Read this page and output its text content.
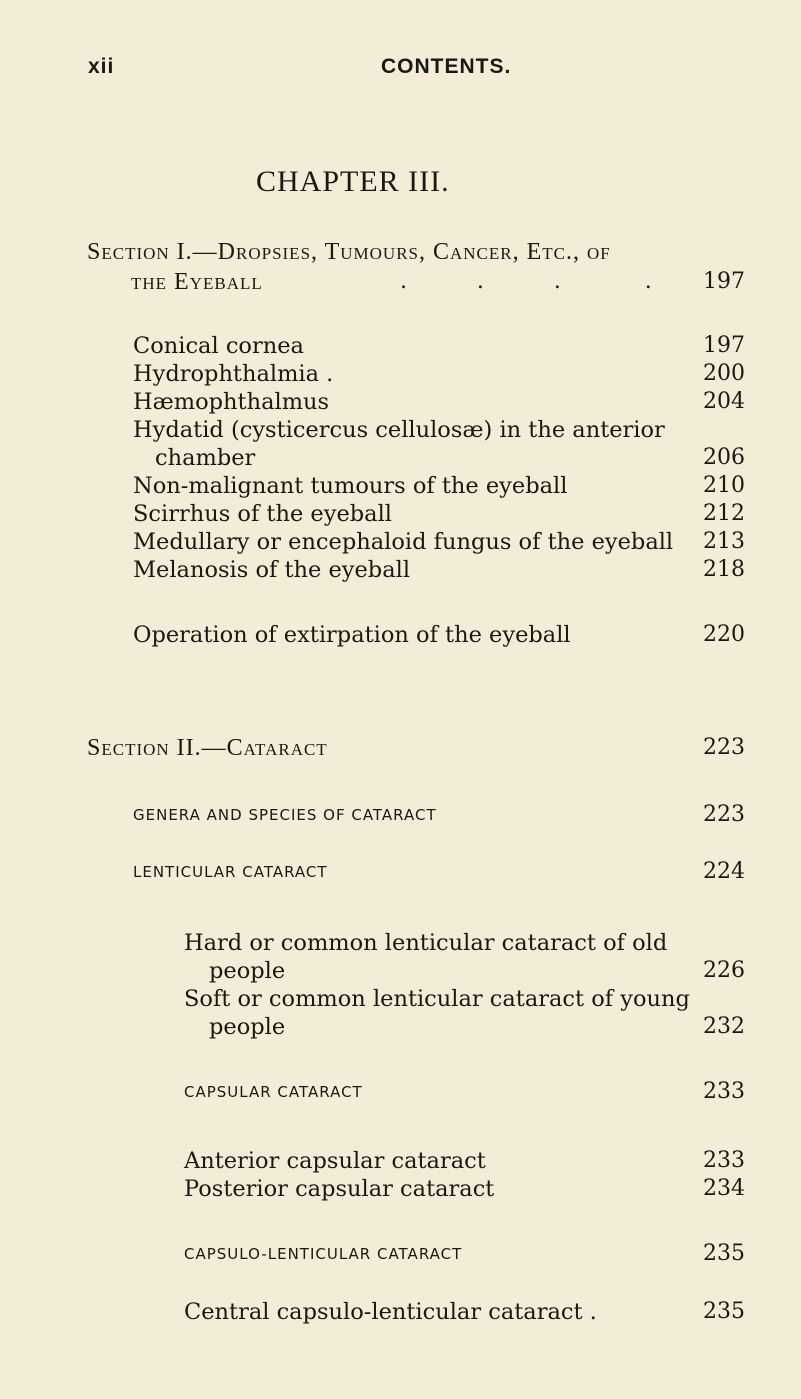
xii	CONTENTS.
CHAPTER III.
Section I.—Dropsies, Tumours, Cancer, Etc., of
the Eyeball	.          .          .            . 197
Conical cornea	197
Hydrophthalmia .	200
Hæmophthalmus	204
Hydatid (cysticercus cellulosæ) in the anterior
chamber	206
Non-malignant tumours of the eyeball	210
Scirrhus of the eyeball	212
Medullary or encephaloid fungus of the eyeball 213
Melanosis of the eyeball	218
Operation of extirpation of the eyeball	220
Section II.—Cataract	223
GENERA AND SPECIES OF CATARACT	223
LENTICULAR CATARACT	224
Hard or common lenticular cataract of old
people	226
Soft or common lenticular cataract of young
people	232
CAPSULAR CATARACT	233
Anterior capsular cataract	233
Posterior capsular cataract	234
CAPSULO-LENTICULAR CATARACT	235
Central capsulo-lenticular cataract .	235
